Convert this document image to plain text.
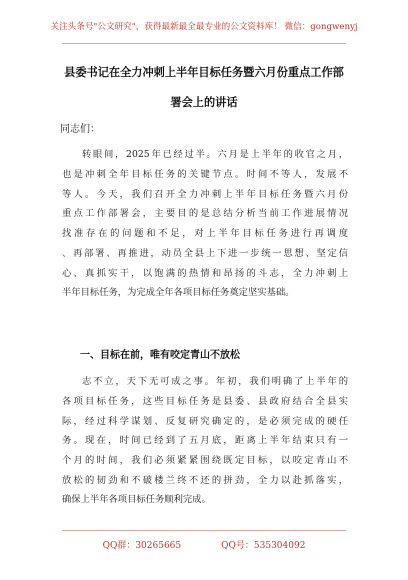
关注头条号"公文研究"，获得最新最全最专业的公文资料库！ 微信：gongwenyj
县委书记在全力冲刺上半年目标任务暨六月份重点工作部
署会上的讲话
同志们：
转眼间，2025年已经过半。六月是上半年的收官之月，
也是冲刺全年目标任务的关键节点。时间不等人，发展不
等人。今天，我们召开全力冲刺上半年目标任务暨六月份
重点工作部署会，主要目的是总结分析当前工作进展情况
找准存在的问题和不足，对上半年目标任务进行再调度
、再部署、再推进，动员全县上下进一步统一思想、坚定信
心、真抓实干，以饱满的热情和昂扬的斗志，全力冲刺上
半年目标任务，为完成全年各项目标任务奠定坚实基础。
一、目标在前，唯有咬定青山不放松
志不立，天下无可成之事。年初，我们明确了上半年的
各项目标任务，这些目标任务是县委、县政府结合全县实
际，经过科学谋划、反复研究确定的，是必须完成的硬任
务。现在，时间已经到了五月底，距离上半年结束只有一
个月的时间，我们必须紧紧围绕既定目标，以咬定青山不
放松的韧劲和不破楼兰终不还的拼劲，全力以赴抓落实，
确保上半年各项目标任务顺利完成。
QQ群：30265665	QQ号：535304092
